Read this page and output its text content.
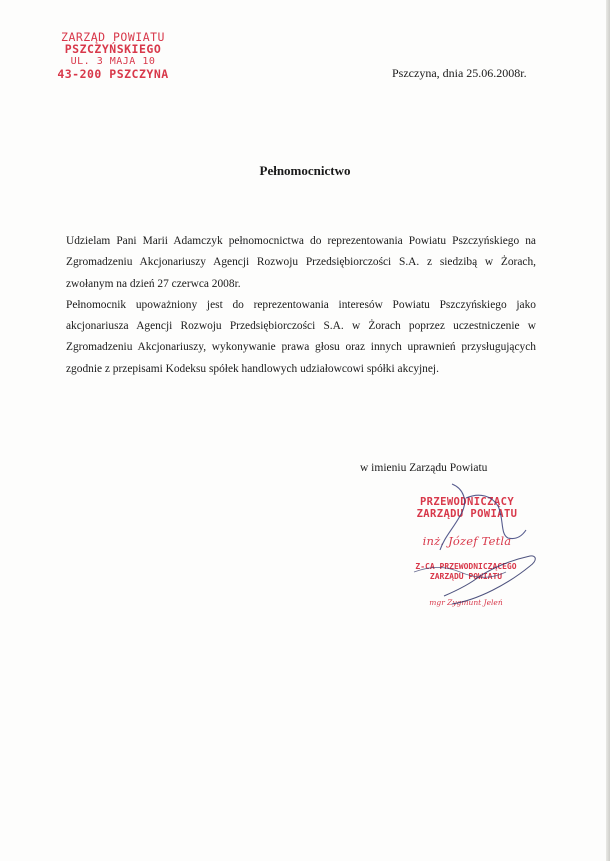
ZARZĄD POWIATU
PSZCZYŃSKIEGO
UL. 3 MAJA 10
43-200 PSZCZYNA	Pszczyna, dnia 25.06.2008r.
Pełnomocnictwo

Udzielam Pani Marii Adamczyk pełnomocnictwa do reprezentowania Powiatu Pszczyńskiego na Zgromadzeniu Akcjonariuszy Agencji Rozwoju Przedsiębiorczości S.A. z siedzibą w Żorach, zwołanym na dzień 27 czerwca 2008r.

Pełnomocnik upoważniony jest do reprezentowania interesów Powiatu Pszczyńskiego jako akcjonariusza Agencji Rozwoju Przedsiębiorczości S.A. w Żorach poprzez uczestniczenie w Zgromadzeniu Akcjonariuszy, wykonywanie prawa głosu oraz innych uprawnień przysługujących zgodnie z przepisami Kodeksu spółek handlowych udziałowcowi spółki akcyjnej.

w imieniu Zarządu Powiatu
PRZEWODNICZĄCY
ZARZĄDU POWIATU
inż. Józef Tetla
Z-CA PRZEWODNICZĄCEGO
ZARZĄDU POWIATU
mgr Zygmunt Jeleń
